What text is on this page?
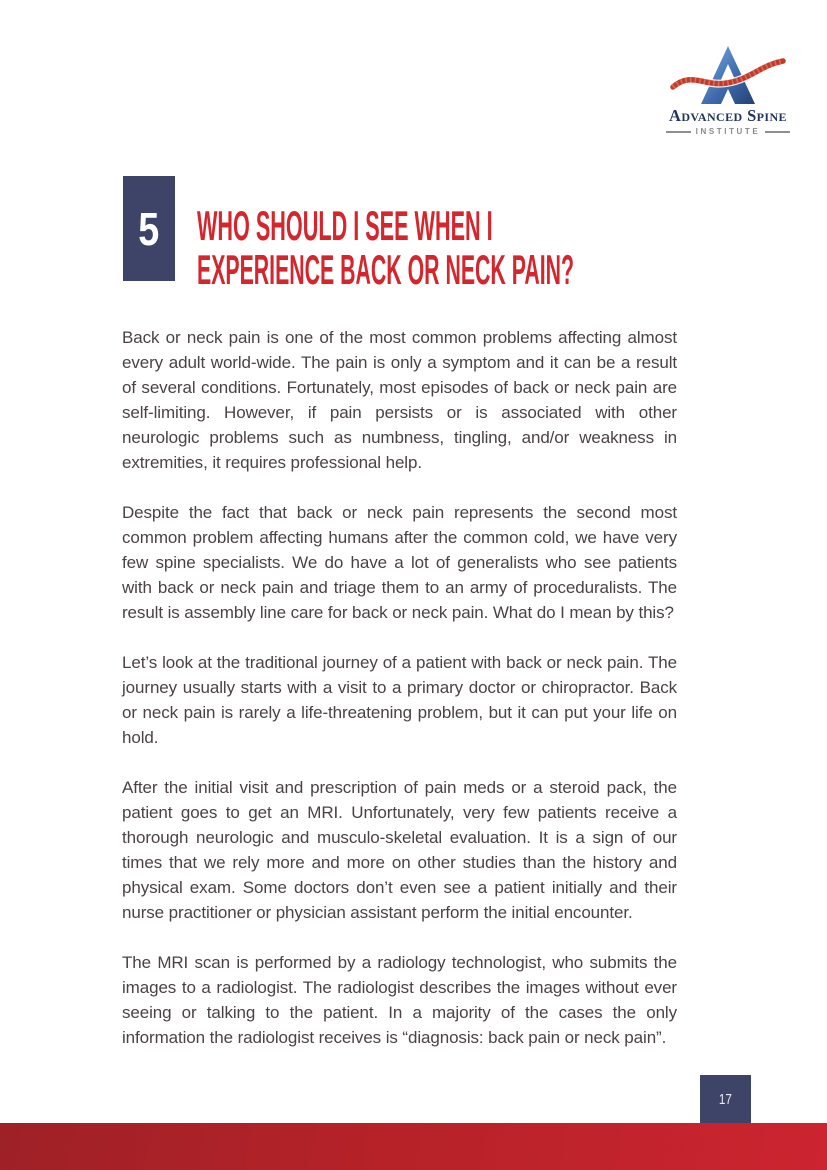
Advanced Spine
INSTITUTE
5 WHO SHOULD I SEE WHEN I
EXPERIENCE BACK OR NECK PAIN?

Back or neck pain is one of the most common problems affecting almost every adult world-wide. The pain is only a symptom and it can be a result of several conditions. Fortunately, most episodes of back or neck pain are self-limiting. However, if pain persists or is associated with other neurologic problems such as numbness, tingling, and/or weakness in extremities, it requires professional help.

Despite the fact that back or neck pain represents the second most common problem affecting humans after the common cold, we have very few spine specialists. We do have a lot of generalists who see patients with back or neck pain and triage them to an army of proceduralists. The result is assembly line care for back or neck pain. What do I mean by this?

Let’s look at the traditional journey of a patient with back or neck pain. The journey usually starts with a visit to a primary doctor or chiropractor. Back or neck pain is rarely a life-threatening problem, but it can put your life on hold.

After the initial visit and prescription of pain meds or a steroid pack, the patient goes to get an MRI. Unfortunately, very few patients receive a thorough neurologic and musculo-skeletal evaluation. It is a sign of our times that we rely more and more on other studies than the history and physical exam. Some doctors don’t even see a patient initially and their nurse practitioner or physician assistant perform the initial encounter.

The MRI scan is performed by a radiology technologist, who submits the images to a radiologist. The radiologist describes the images without ever seeing or talking to the patient. In a majority of the cases the only information the radiologist receives is “diagnosis: back pain or neck pain”.

17
